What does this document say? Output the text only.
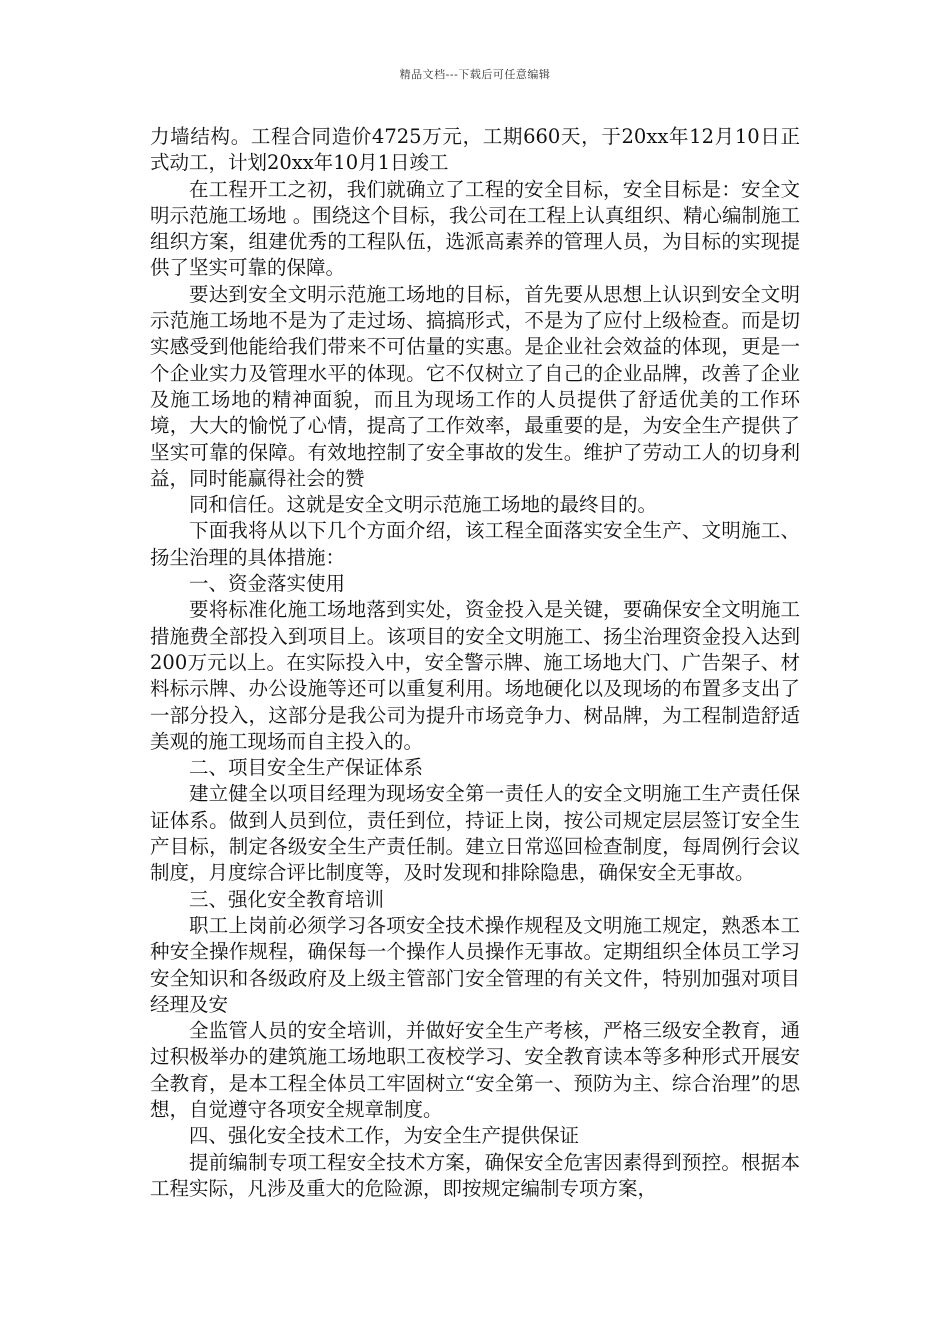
精品文档---下载后可任意编辑

力墙结构。工程合同造价4725万元，工期660天，于20xx年12月10日正式动工，计划20xx年10月1日竣工

在工程开工之初，我们就确立了工程的安全目标，安全目标是：安全文明示范施工场地 。围绕这个目标，我公司在工程上认真组织、精心编制施工组织方案，组建优秀的工程队伍，选派高素养的管理人员，为目标的实现提供了坚实可靠的保障。

要达到安全文明示范施工场地的目标，首先要从思想上认识到安全文明示范施工场地不是为了走过场、搞搞形式，不是为了应付上级检查。而是切实感受到他能给我们带来不可估量的实惠。是企业社会效益的体现，更是一个企业实力及管理水平的体现。它不仅树立了自己的企业品牌，改善了企业及施工场地的精神面貌，而且为现场工作的人员提供了舒适优美的工作环境，大大的愉悦了心情，提高了工作效率，最重要的是，为安全生产提供了坚实可靠的保障。有效地控制了安全事故的发生。维护了劳动工人的切身利益，同时能赢得社会的赞

同和信任。这就是安全文明示范施工场地的最终目的。

下面我将从以下几个方面介绍，该工程全面落实安全生产、文明施工、扬尘治理的具体措施：

一、资金落实使用

要将标准化施工场地落到实处，资金投入是关键，要确保安全文明施工措施费全部投入到项目上。该项目的安全文明施工、扬尘治理资金投入达到200万元以上。在实际投入中，安全警示牌、施工场地大门、广告架子、材料标示牌、办公设施等还可以重复利用。场地硬化以及现场的布置多支出了一部分投入，这部分是我公司为提升市场竞争力、树品牌，为工程制造舒适美观的施工现场而自主投入的。

二、项目安全生产保证体系

建立健全以项目经理为现场安全第一责任人的安全文明施工生产责任保证体系。做到人员到位，责任到位，持证上岗，按公司规定层层签订安全生产目标，制定各级安全生产责任制。建立日常巡回检查制度，每周例行会议制度，月度综合评比制度等，及时发现和排除隐患，确保安全无事故。

三、强化安全教育培训

职工上岗前必须学习各项安全技术操作规程及文明施工规定，熟悉本工种安全操作规程，确保每一个操作人员操作无事故。定期组织全体员工学习安全知识和各级政府及上级主管部门安全管理的有关文件，特别加强对项目经理及安

全监管人员的安全培训，并做好安全生产考核，严格三级安全教育，通过积极举办的建筑施工场地职工夜校学习、安全教育读本等多种形式开展安全教育，是本工程全体员工牢固树立“安全第一、预防为主、综合治理”的思想，自觉遵守各项安全规章制度。

四、强化安全技术工作，为安全生产提供保证

提前编制专项工程安全技术方案，确保安全危害因素得到预控。根据本工程实际，凡涉及重大的危险源，即按规定编制专项方案，
